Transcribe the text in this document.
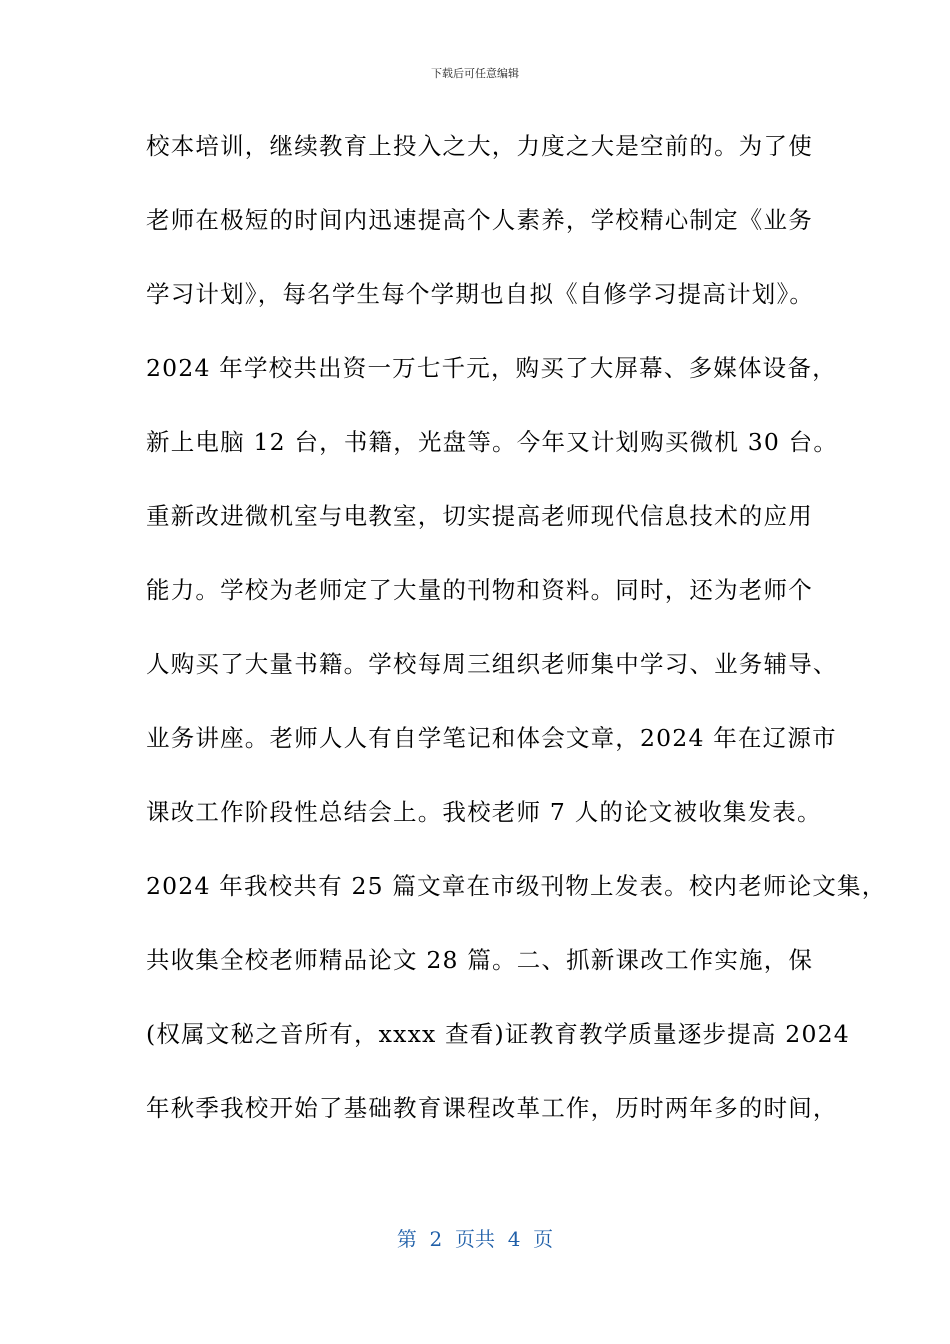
下载后可任意编辑
校本培训，继续教育上投入之大，力度之大是空前的。为了使
老师在极短的时间内迅速提高个人素养，学校精心制定《业务
学习计划》，每名学生每个学期也自拟《自修学习提高计划》。
2024 年学校共出资一万七千元，购买了大屏幕、多媒体设备，
新上电脑 12 台，书籍，光盘等。今年又计划购买微机 30 台。
重新改进微机室与电教室，切实提高老师现代信息技术的应用
能力。学校为老师定了大量的刊物和资料。同时，还为老师个
人购买了大量书籍。学校每周三组织老师集中学习、业务辅导、
业务讲座。老师人人有自学笔记和体会文章，2024 年在辽源市
课改工作阶段性总结会上。我校老师 7 人的论文被收集发表。
2024 年我校共有 25 篇文章在市级刊物上发表。校内老师论文集，
共收集全校老师精品论文 28 篇。二、抓新课改工作实施，保
(权属文秘之音所有，xxxx 查看)证教育教学质量逐步提高 2024
年秋季我校开始了基础教育课程改革工作，历时两年多的时间，
第  2  页共  4  页
